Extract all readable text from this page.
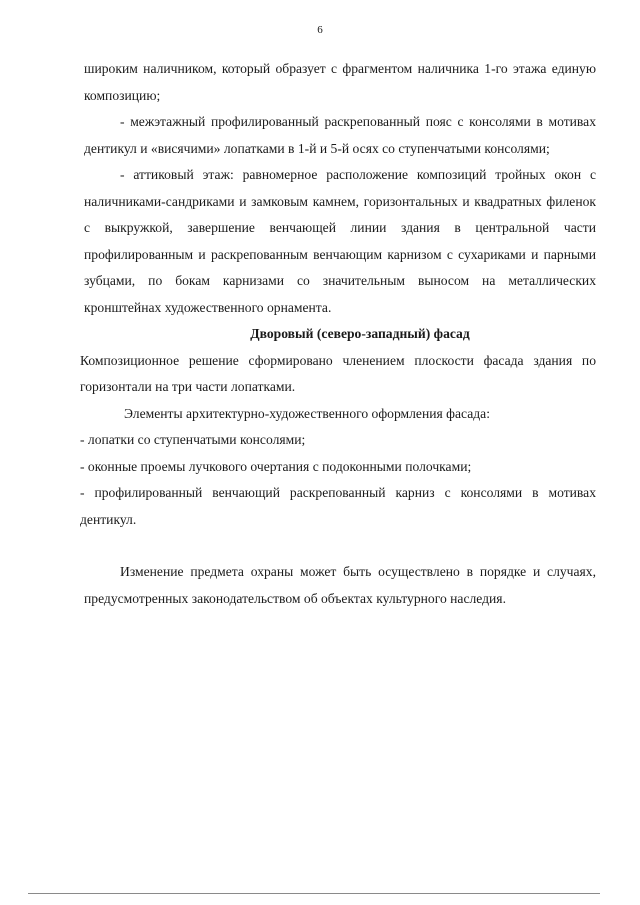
6

широким наличником, который образует с фрагментом наличника 1-го этажа единую композицию;

- межэтажный профилированный раскрепованный пояс с консолями в мотивах дентикул и «висячими» лопатками в 1-й и 5-й осях со ступенчатыми консолями;

- аттиковый этаж: равномерное расположение композиций тройных окон с наличниками-сандриками и замковым камнем, горизонтальных и квадратных филенок с выкружкой, завершение венчающей линии здания в центральной части профилированным и раскрепованным венчающим карнизом с сухариками и парными зубцами, по бокам карнизами со значительным выносом на металлических кронштейнах художественного орнамента.

Дворовый (северо-западный) фасад

Композиционное решение сформировано членением плоскости фасада здания по горизонтали на три части лопатками.

Элементы архитектурно-художественного оформления фасада:

- лопатки со ступенчатыми консолями;

- оконные проемы лучкового очертания с подоконными полочками;

- профилированный венчающий раскрепованный карниз с консолями в мотивах дентикул.

Изменение предмета охраны может быть осуществлено в порядке и случаях, предусмотренных законодательством об объектах культурного наследия.
